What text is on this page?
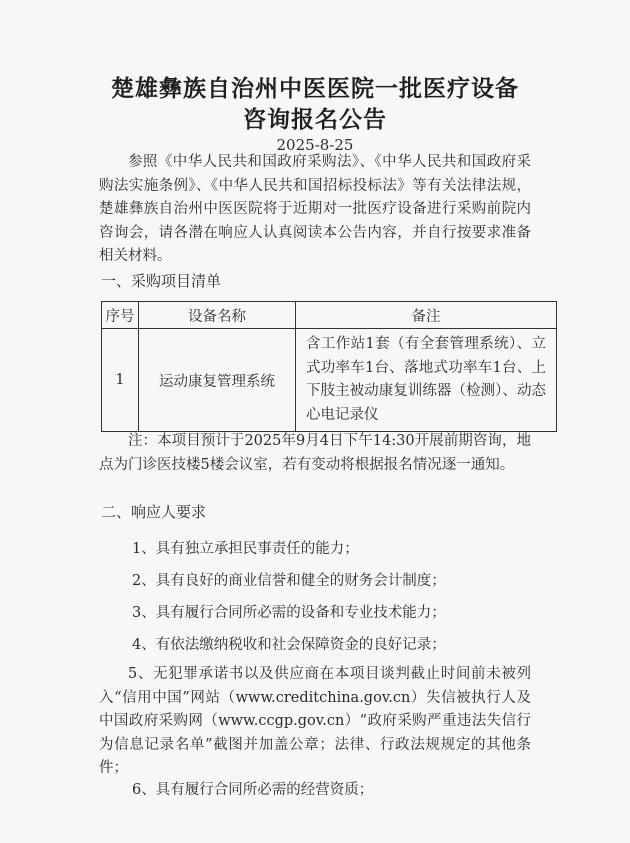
楚雄彝族自治州中医医院一批医疗设备
咨询报名公告
2025-8-25
参照《中华人民共和国政府采购法》、《中华人民共和国政府采购法实施条例》、《中华人民共和国招标投标法》等有关法律法规，楚雄彝族自治州中医医院将于近期对一批医疗设备进行采购前院内咨询会，请各潜在响应人认真阅读本公告内容，并自行按要求准备相关材料。
一、采购项目清单
序号	设备名称	备注
1	运动康复管理系统	含工作站1套（有全套管理系统）、立式功率车1台、落地式功率车1台、上下肢主被动康复训练器（检测）、动态心电记录仪
注：本项目预计于2025年9月4日下午14:30开展前期咨询，地点为门诊医技楼5楼会议室，若有变动将根据报名情况逐一通知。
二、响应人要求
1、具有独立承担民事责任的能力；
2、具有良好的商业信誉和健全的财务会计制度；
3、具有履行合同所必需的设备和专业技术能力；
4、有依法缴纳税收和社会保障资金的良好记录；
5、无犯罪承诺书以及供应商在本项目谈判截止时间前未被列入“信用中国”网站（www.creditchina.gov.cn）失信被执行人及中国政府采购网（www.ccgp.gov.cn）“政府采购严重违法失信行为信息记录名单”截图并加盖公章；法律、行政法规规定的其他条件；
6、具有履行合同所必需的经营资质；
